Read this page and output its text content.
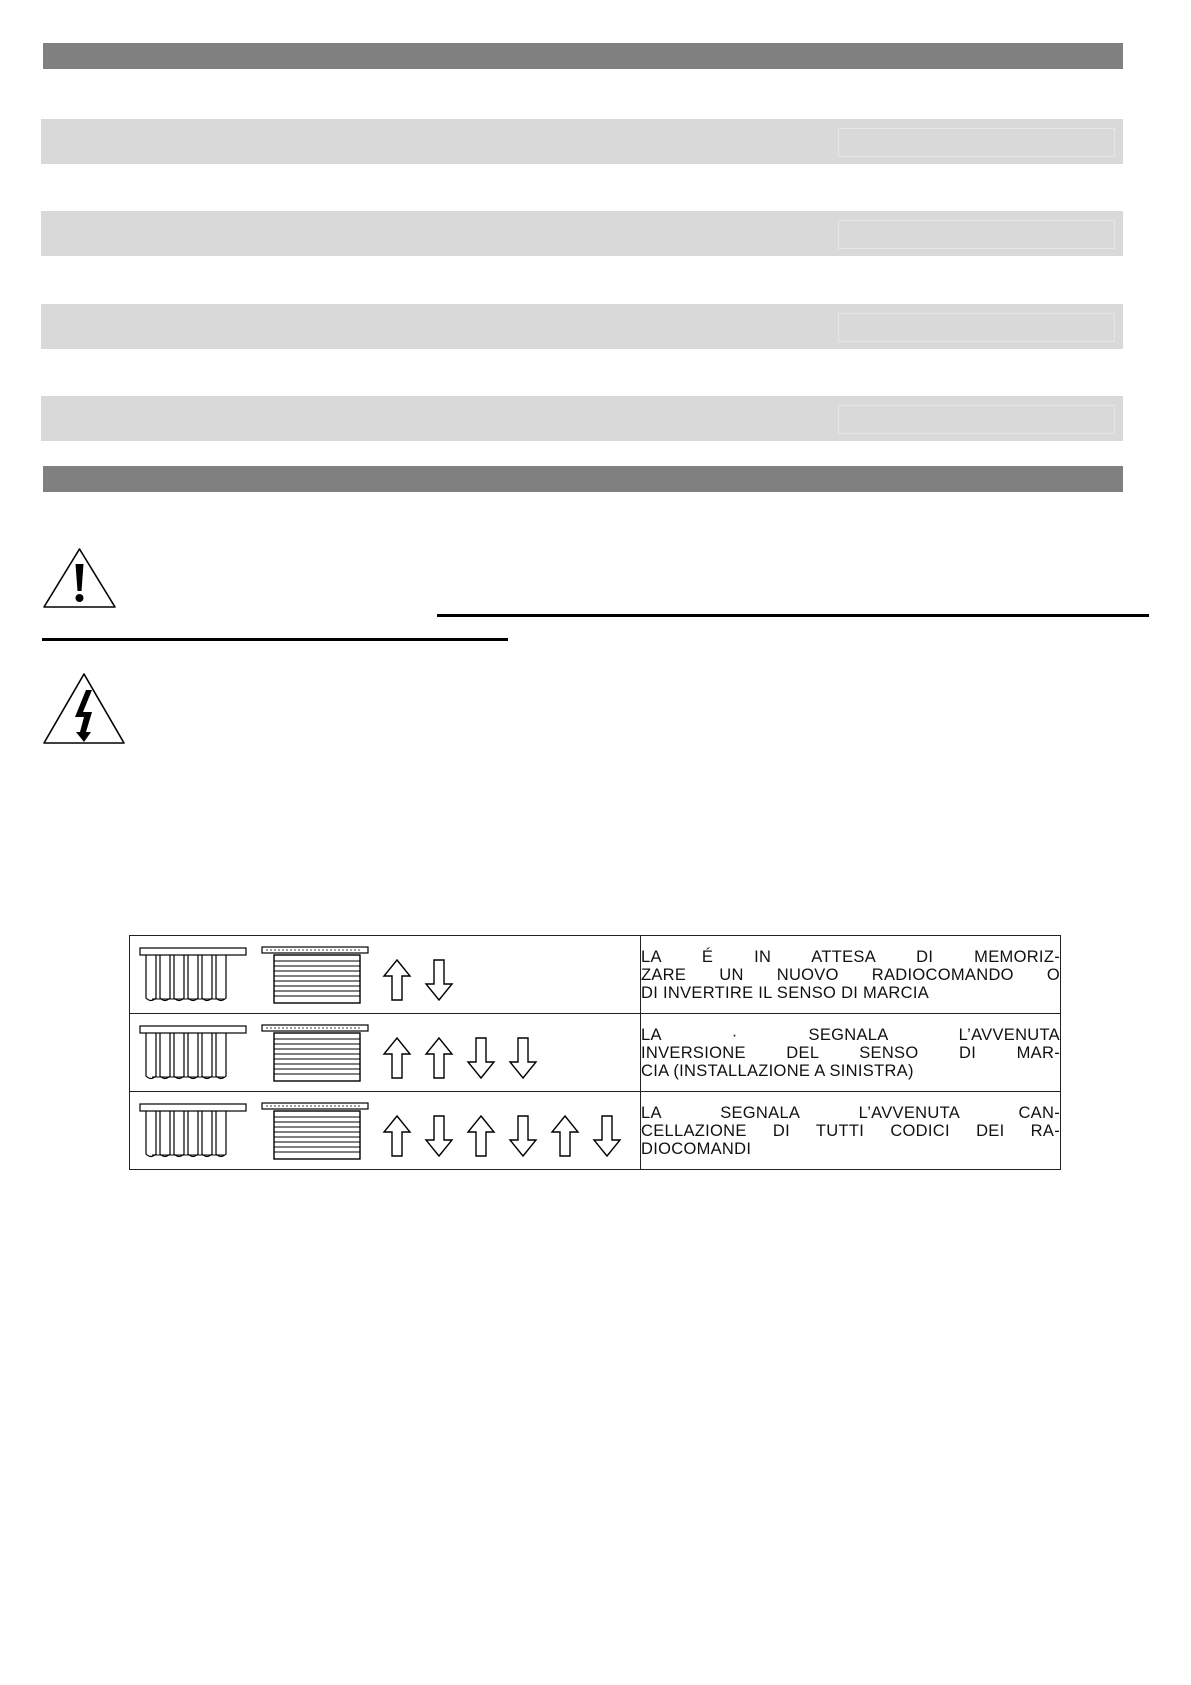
LA É IN ATTESA DI MEMORIZ-
ZARE UN NUOVO RADIOCOMANDO O
DI INVERTIRE IL SENSO DI MARCIA

LA · SEGNALA L’AVVENUTA
INVERSIONE DEL SENSO DI MAR-
CIA (INSTALLAZIONE A SINISTRA)

LA SEGNALA L’AVVENUTA CAN-
CELLAZIONE DI TUTTI CODICI DEI RA-
DIOCOMANDI
